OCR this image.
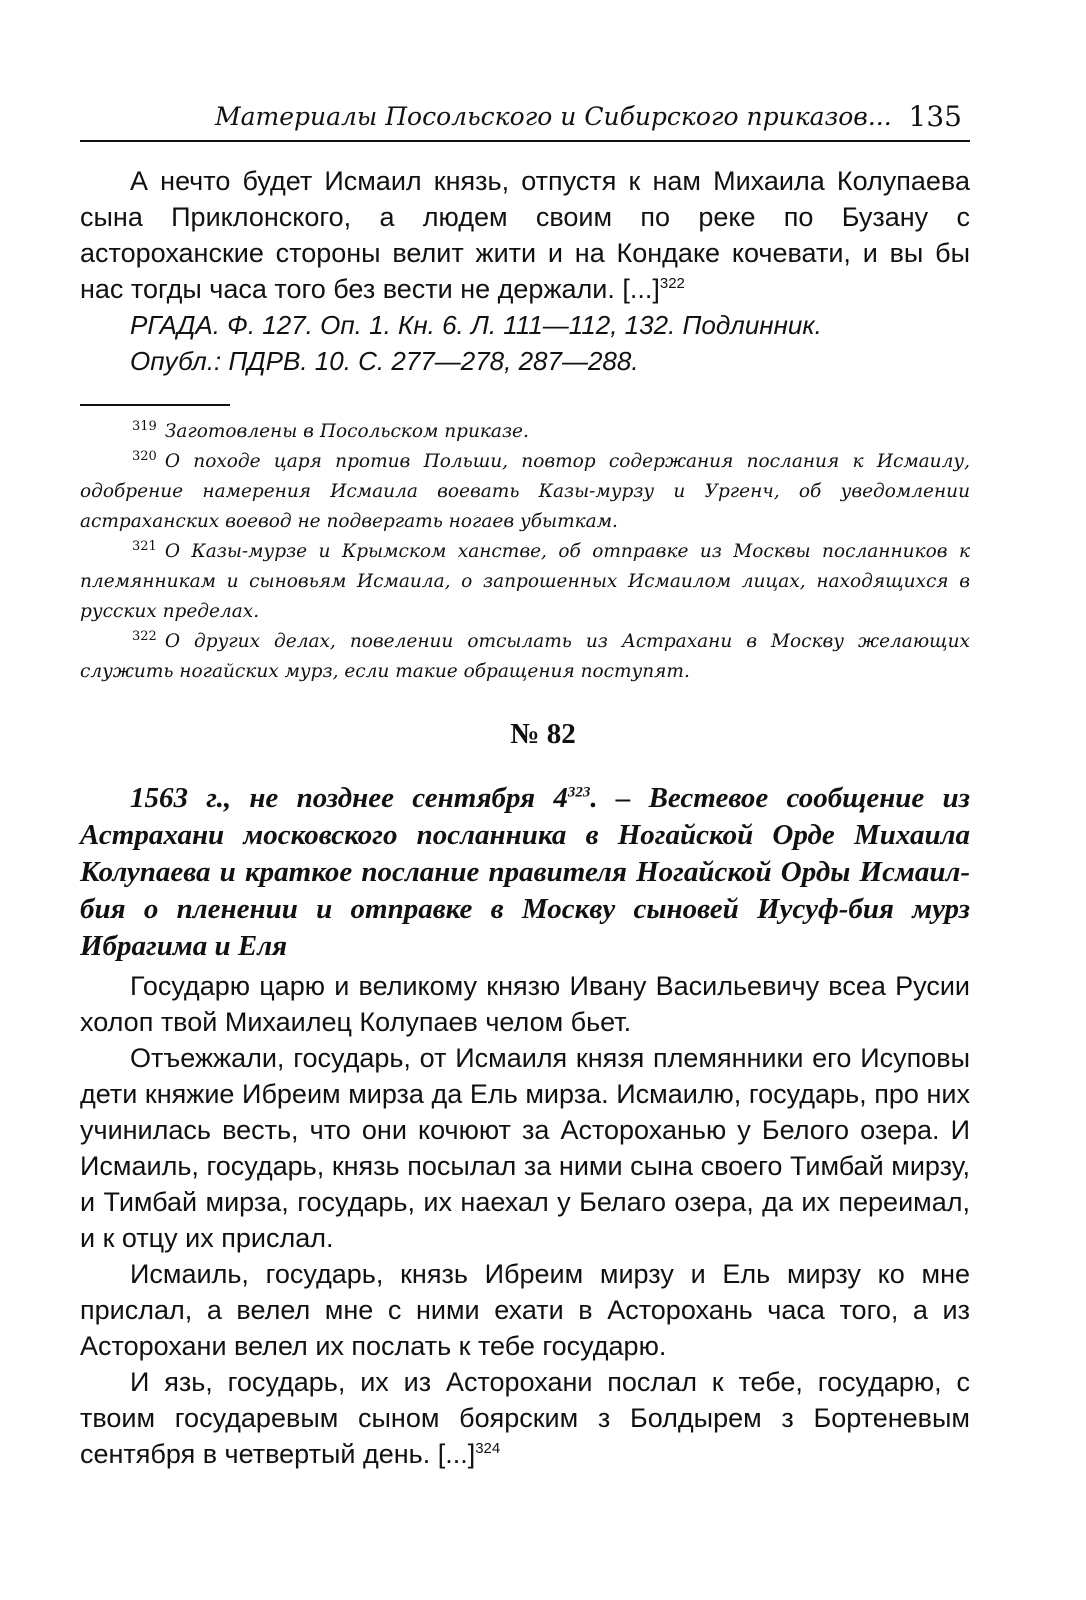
Материалы Посольского и Сибирского приказов... 135
А нечто будет Исмаил князь, отпустя к нам Михаила Колупаева сына Приклонского, а людем своим по реке по Бузану с астороханские стороны велит жити и на Кондаке кочевати, и вы бы нас тогды часа того без вести не держали. [...]$^{322}$
РГАДА. Ф. 127. Оп. 1. Кн. 6. Л. 111—112, 132. Подлинник.
Опубл.: ПДРВ. 10. С. 277—278, 287—288.
$^{319}$ Заготовлены в Посольском приказе.
$^{320}$ О походе царя против Польши, повтор содержания послания к Исмаилу, одобрение намерения Исмаила воевать Казы-мурзу и Ургенч, об уведомлении астраханских воевод не подвергать ногаев убыткам.
$^{321}$ О Казы-мурзе и Крымском ханстве, об отправке из Москвы посланников к племянникам и сыновьям Исмаила, о запрошенных Исмаилом лицах, находящихся в русских пределах.
$^{322}$ О других делах, повелении отсылать из Астрахани в Москву желающих служить ногайских мурз, если такие обращения поступят.
№ 82
1563 г., не позднее сентября $4^{323}$. – Вестевое сообщение из Астрахани московского посланника в Ногайской Орде Михаила Колупаева и краткое послание правителя Ногайской Орды Исмаил-бия о пленении и отправке в Москву сыновей Иусуф-бия мурз Ибрагима и Еля
Государю царю и великому князю Ивану Васильевичу всеа Русии холоп твой Михаилец Колупаев челом бьет.
Отъежжали, государь, от Исмаиля князя племянники его Исуповы дети княжие Ибреим мирза да Ель мирза. Исмаилю, государь, про них учинилась весть, что они кочюют за Астороханью у Белого озера. И Исмаиль, государь, князь посылал за ними сына своего Тимбай мирзу, и Тимбай мирза, государь, их наехал у Белаго озера, да их переимал, и к отцу их прислал.
Исмаиль, государь, князь Ибреим мирзу и Ель мирзу ко мне прислал, а велел мне с ними ехати в Асторохань часа того, а из Асторохани велел их послать к тебе государю.
И язь, государь, их из Асторохани послал к тебе, государю, с твоим государевым сыном боярским з Болдырем з Бортеневым сентября в четвертый день. [...]$^{324}$
